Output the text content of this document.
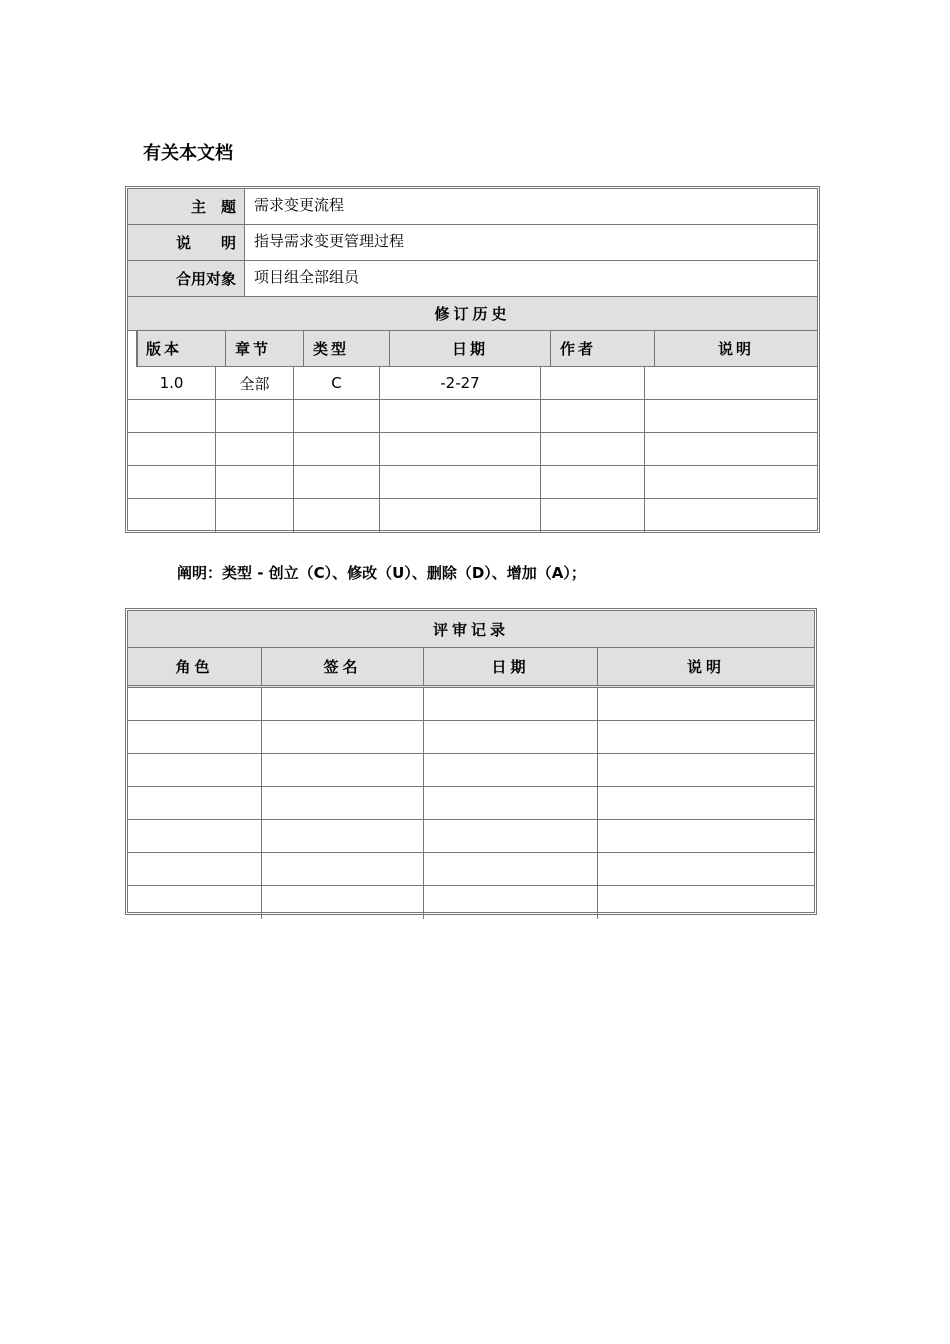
有关本文档
主　题	需求变更流程
说　　明	指导需求变更管理过程
合用对象	项目组全部组员
修订历史
版本	章节	类型	日期	作者	说明
1.0	全部	C	-2-27
阐明：类型 - 创立（C）、修改（U）、删除（D）、增加（A）；
评审记录
角色	签名	日期	说明
